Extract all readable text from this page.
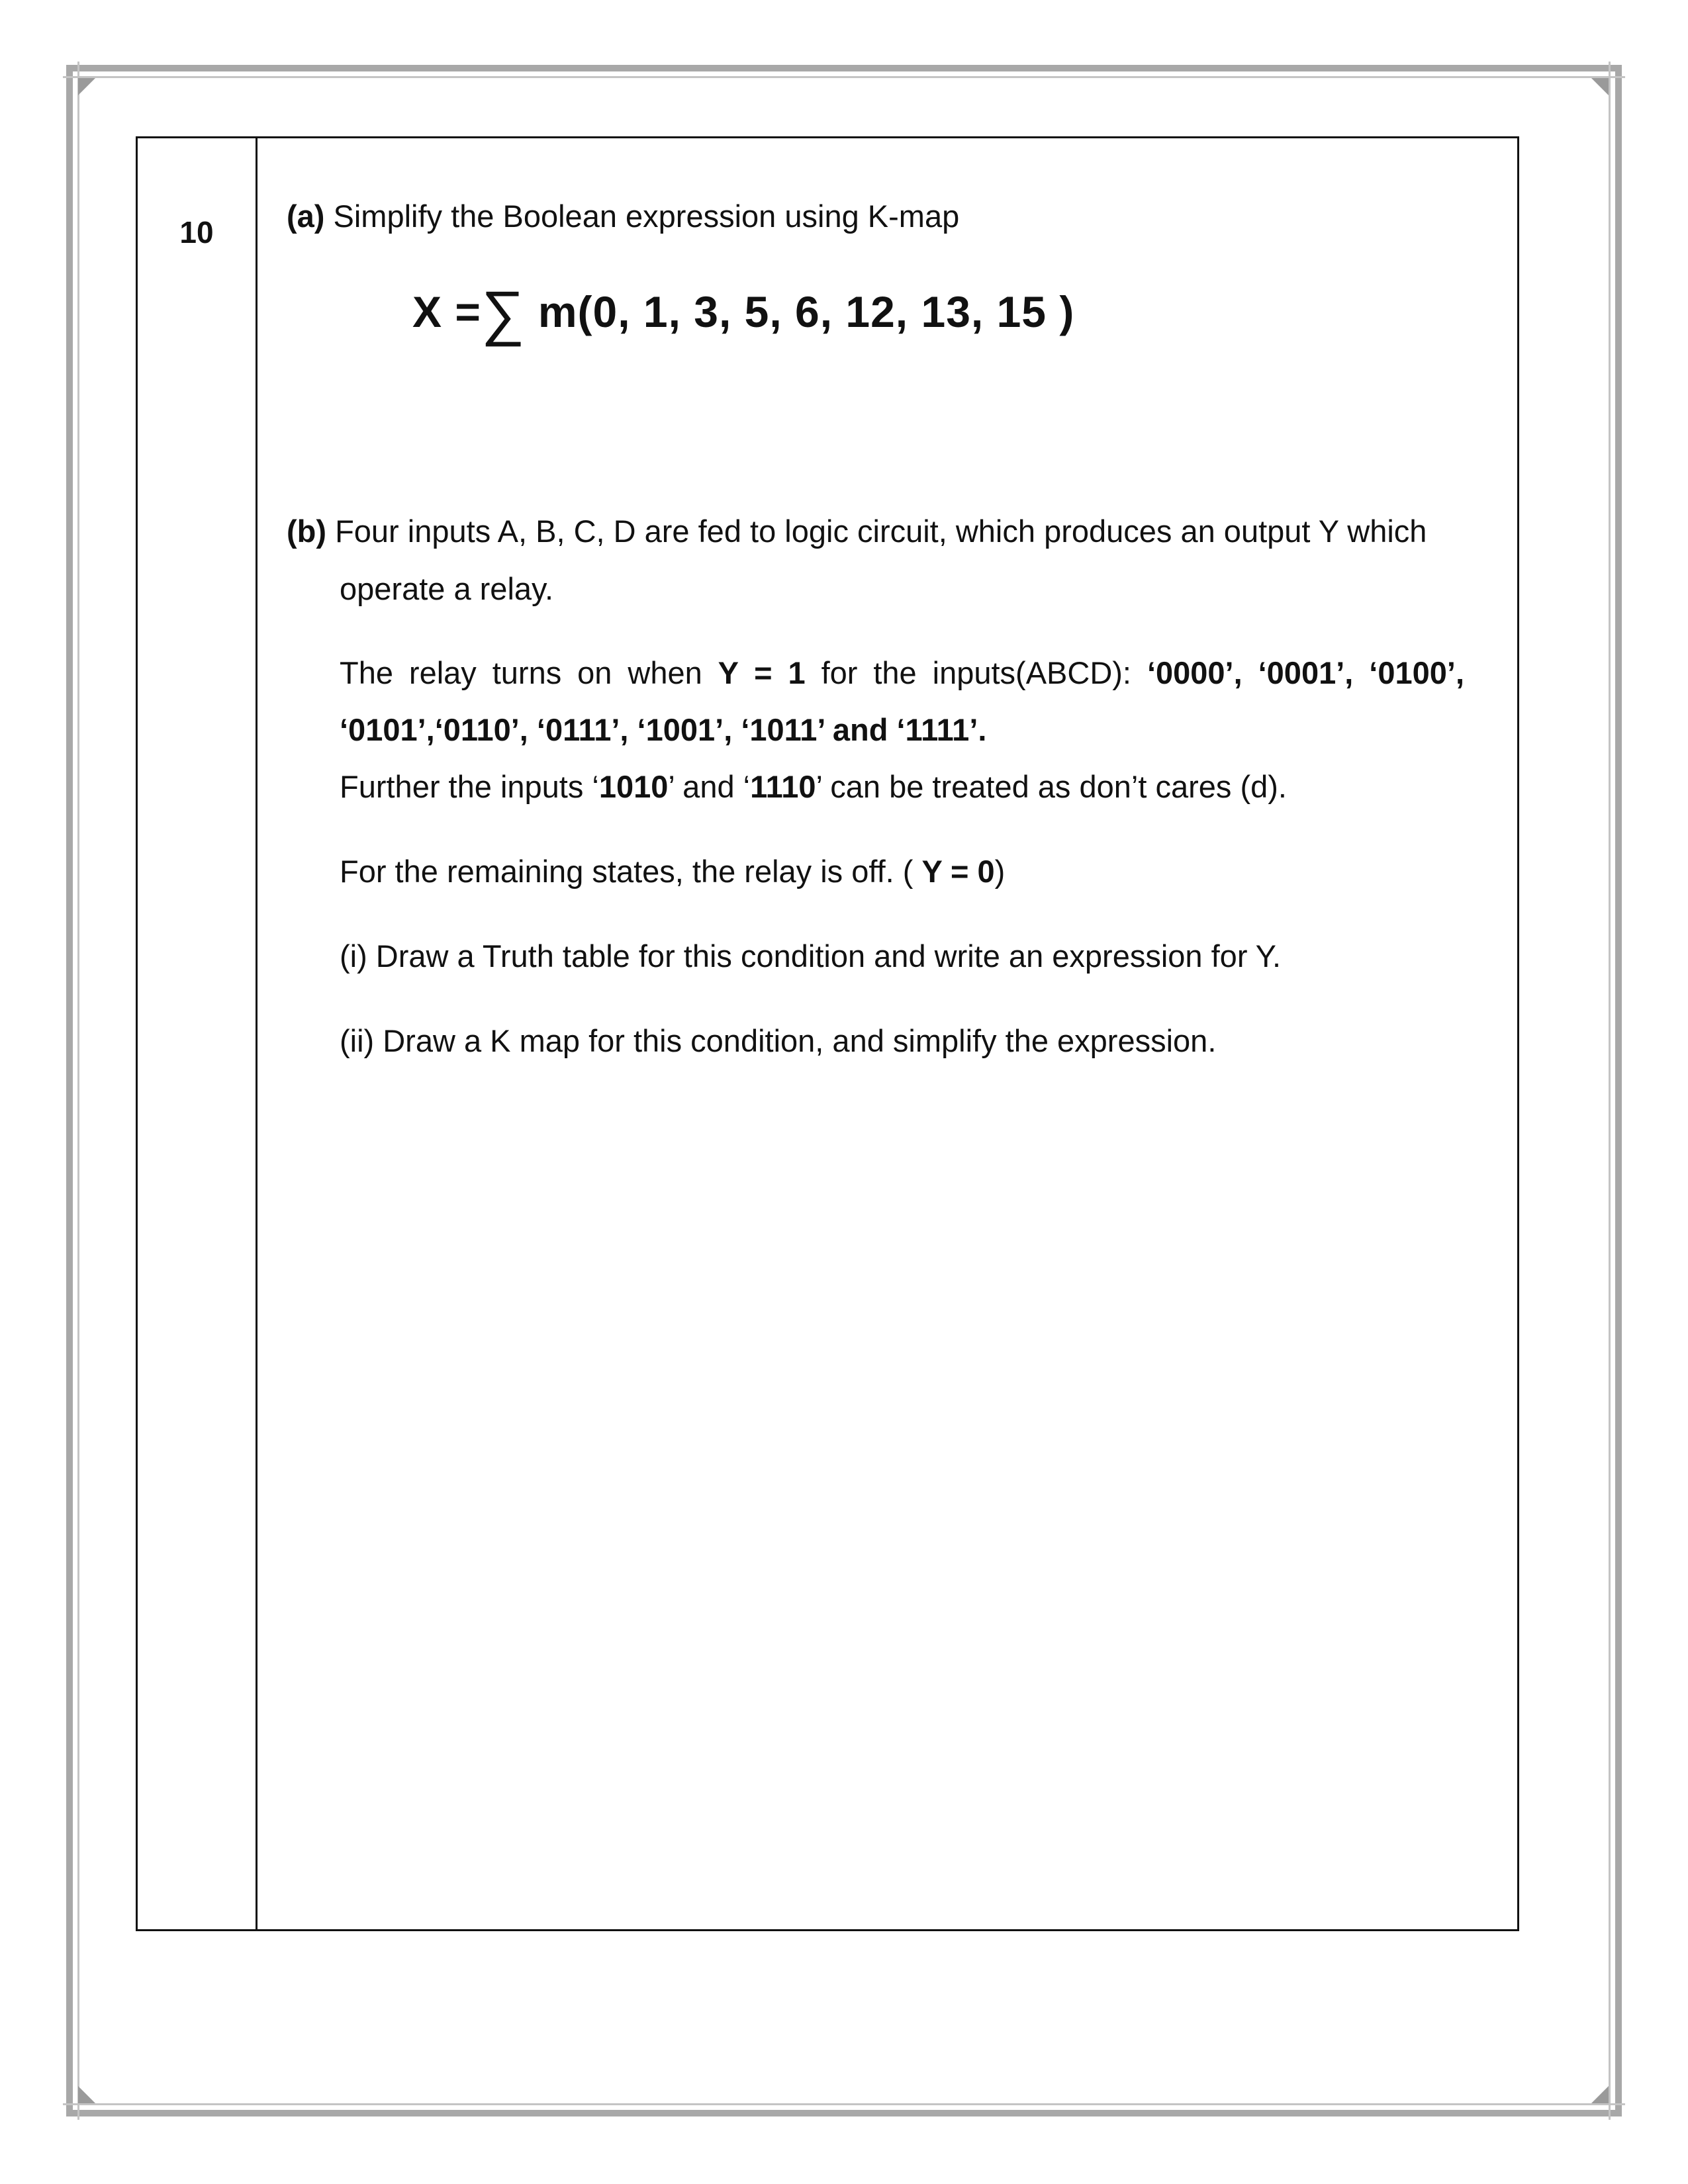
10	(a) Simplify the Boolean expression using K-map
X =∑ m(0, 1, 3, 5, 6, 12, 13, 15 )
(b) Four inputs A, B, C, D are fed to logic circuit, which produces an output Y which
operate a relay.
The relay turns on when Y = 1 for the inputs(ABCD): ‘0000’, ‘0001’, ‘0100’,
‘0101’,‘0110’, ‘0111’, ‘1001’, ‘1011’ and ‘1111’.
Further the inputs ‘1010’ and ‘1110’ can be treated as don’t cares (d).
For the remaining states, the relay is off. ( Y = 0)
(i) Draw a Truth table for this condition and write an expression for Y.
(ii) Draw a K map for this condition, and simplify the expression.
